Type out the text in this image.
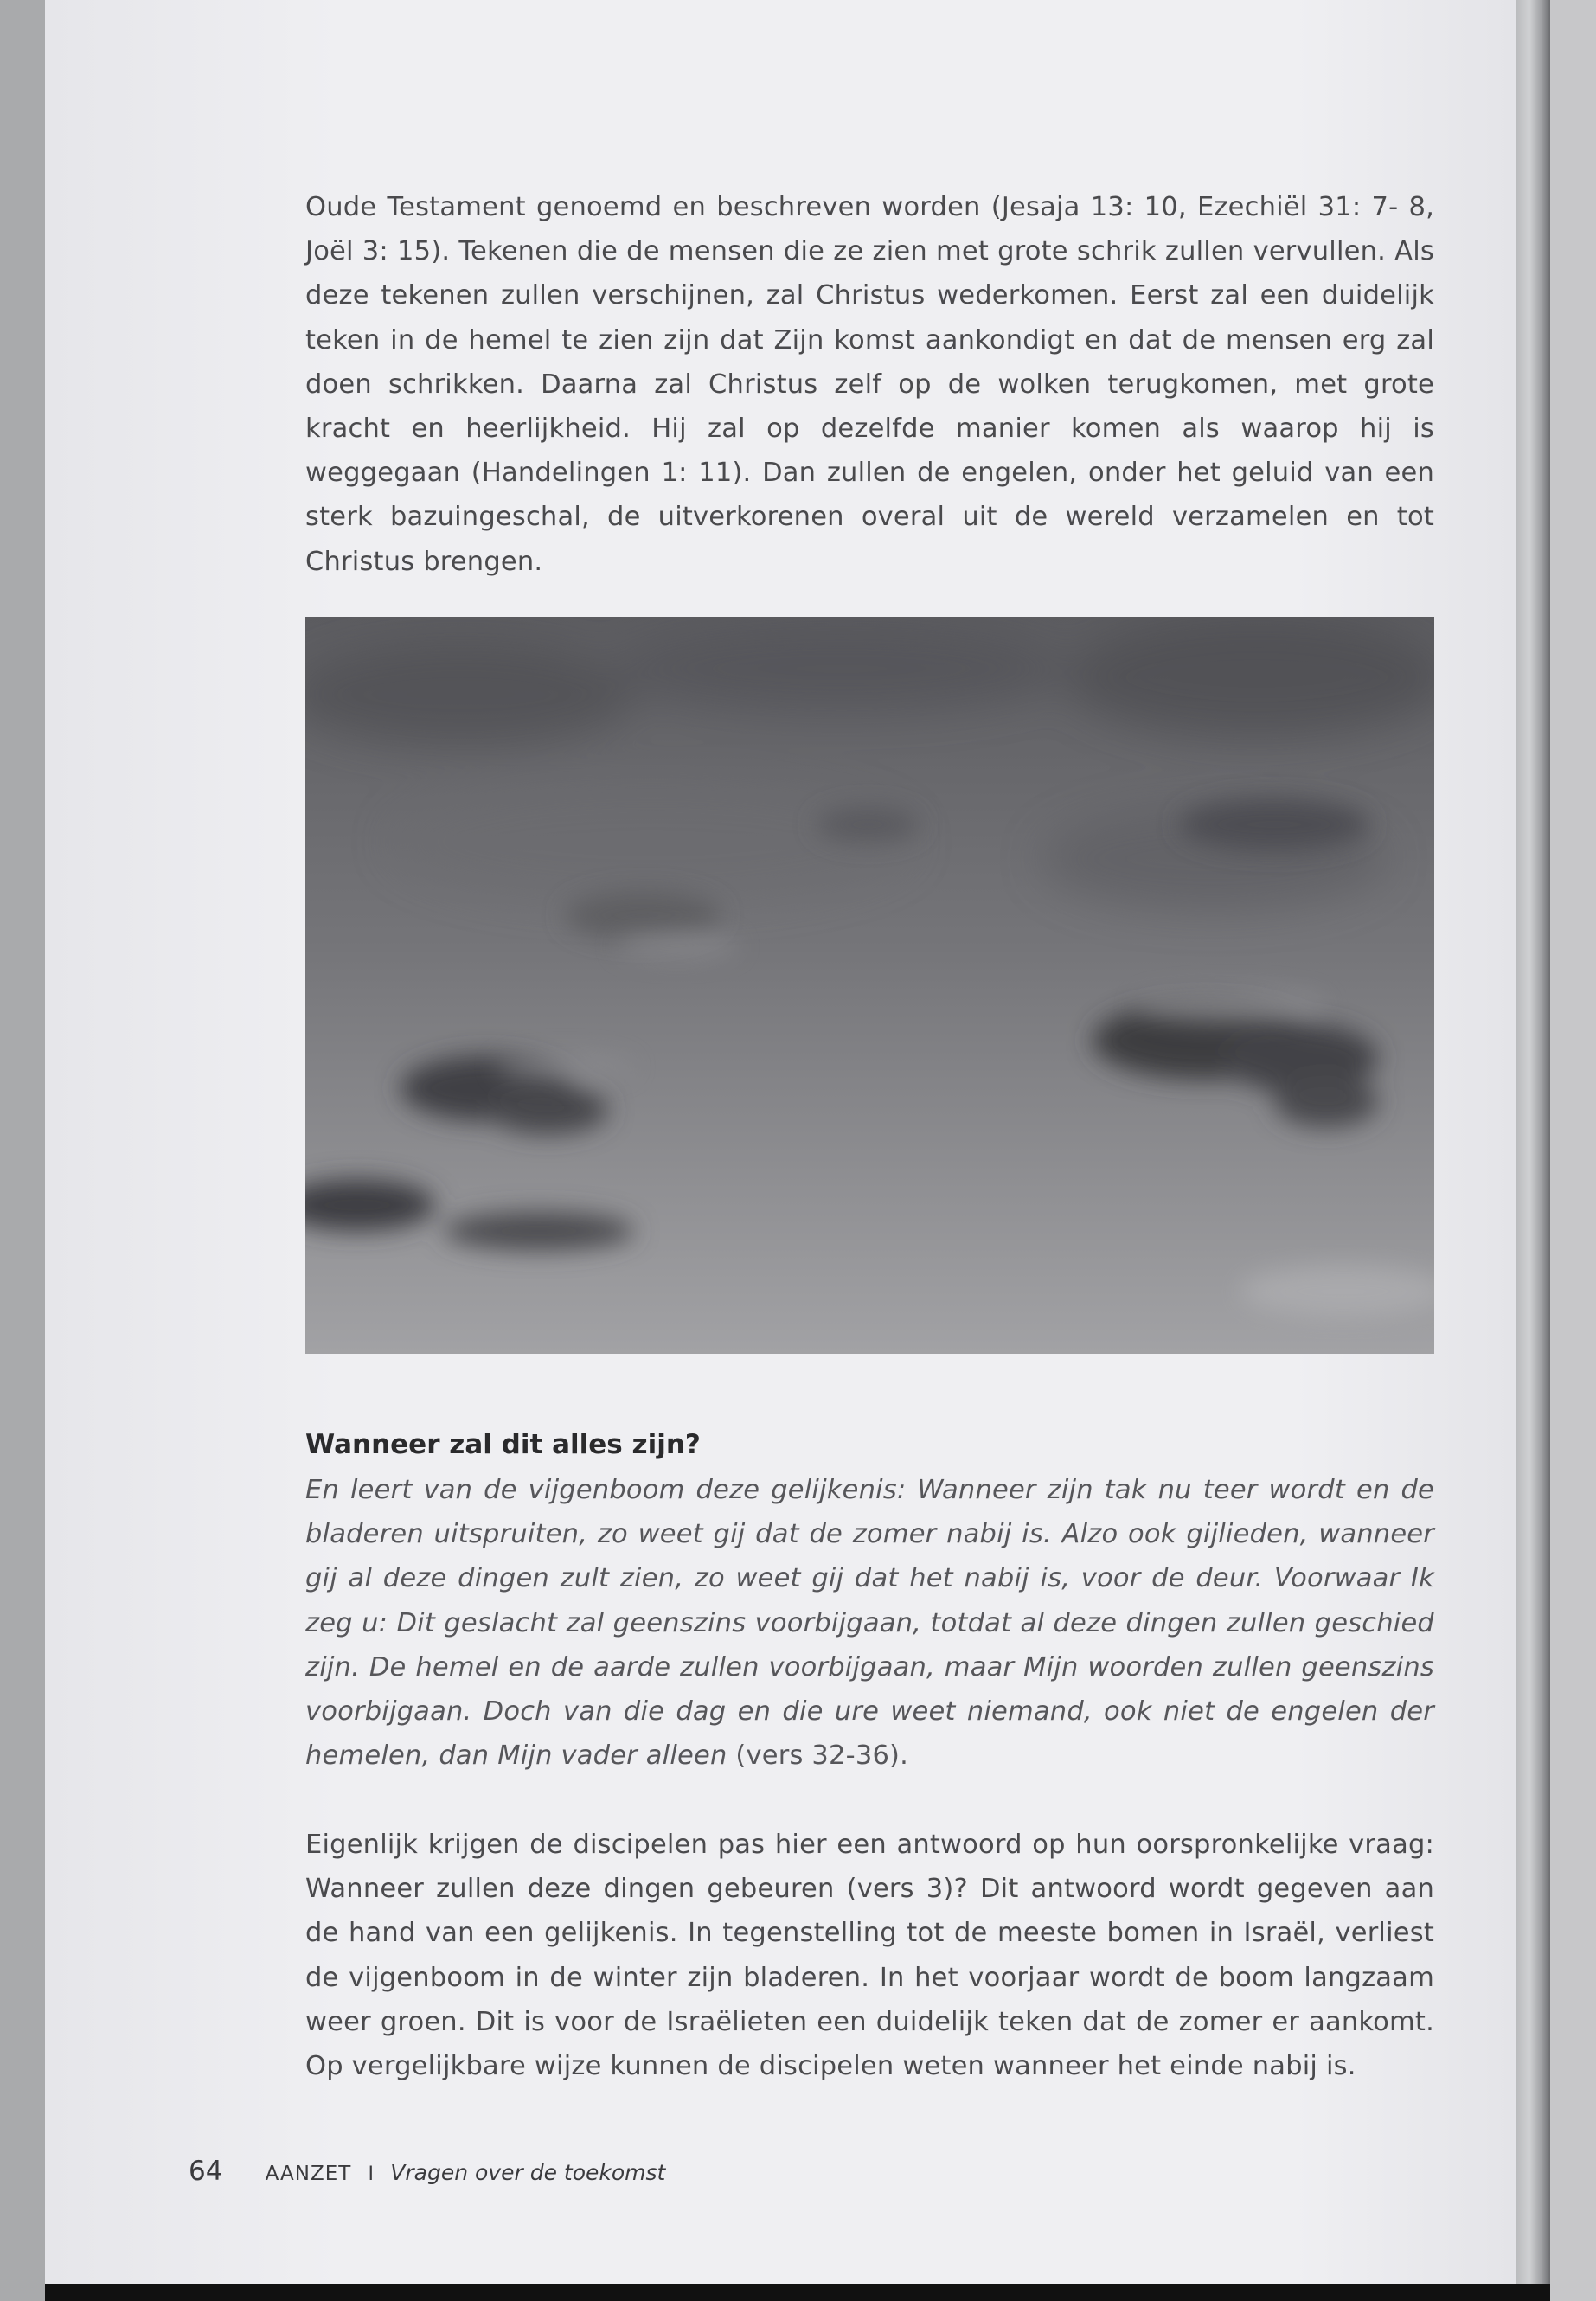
Oude Testament genoemd en beschreven worden (Jesaja 13: 10, Ezechiël 31: 7- 8, Joël 3: 15). Tekenen die de mensen die ze zien met grote schrik zullen vervullen. Als deze tekenen zullen verschijnen, zal Christus wederkomen. Eerst zal een duidelijk teken in de hemel te zien zijn dat Zijn komst aankondigt en dat de mensen erg zal doen schrikken. Daarna zal Christus zelf op de wolken terugkomen, met grote kracht en heerlijkheid. Hij zal op dezelfde manier komen als waarop hij is weggegaan (Handelingen 1: 11). Dan zullen de engelen, onder het geluid van een sterk bazuingeschal, de uitverkorenen overal uit de wereld verzamelen en tot Christus brengen.
Wanneer zal dit alles zijn?
En leert van de vijgenboom deze gelijkenis: Wanneer zijn tak nu teer wordt en de bladeren uitspruiten, zo weet gij dat de zomer nabij is. Alzo ook gijlieden, wanneer gij al deze dingen zult zien, zo weet gij dat het nabij is, voor de deur. Voorwaar Ik zeg u: Dit geslacht zal geenszins voorbijgaan, totdat al deze dingen zullen geschied zijn. De hemel en de aarde zullen voorbijgaan, maar Mijn woorden zullen geenszins voorbijgaan. Doch van die dag en die ure weet niemand, ook niet de engelen der hemelen, dan Mijn vader alleen (vers 32-36).
Eigenlijk krijgen de discipelen pas hier een antwoord op hun oorspronkelijke vraag: Wanneer zullen deze dingen gebeuren (vers 3)? Dit antwoord wordt gegeven aan de hand van een gelijkenis. In tegenstelling tot de meeste bomen in Israël, verliest de vijgenboom in de winter zijn bladeren. In het voorjaar wordt de boom langzaam weer groen. Dit is voor de Israëlieten een duidelijk teken dat de zomer er aankomt. Op vergelijkbare wijze kunnen de discipelen weten wanneer het einde nabij is.
64 AANZET I Vragen over de toekomst
